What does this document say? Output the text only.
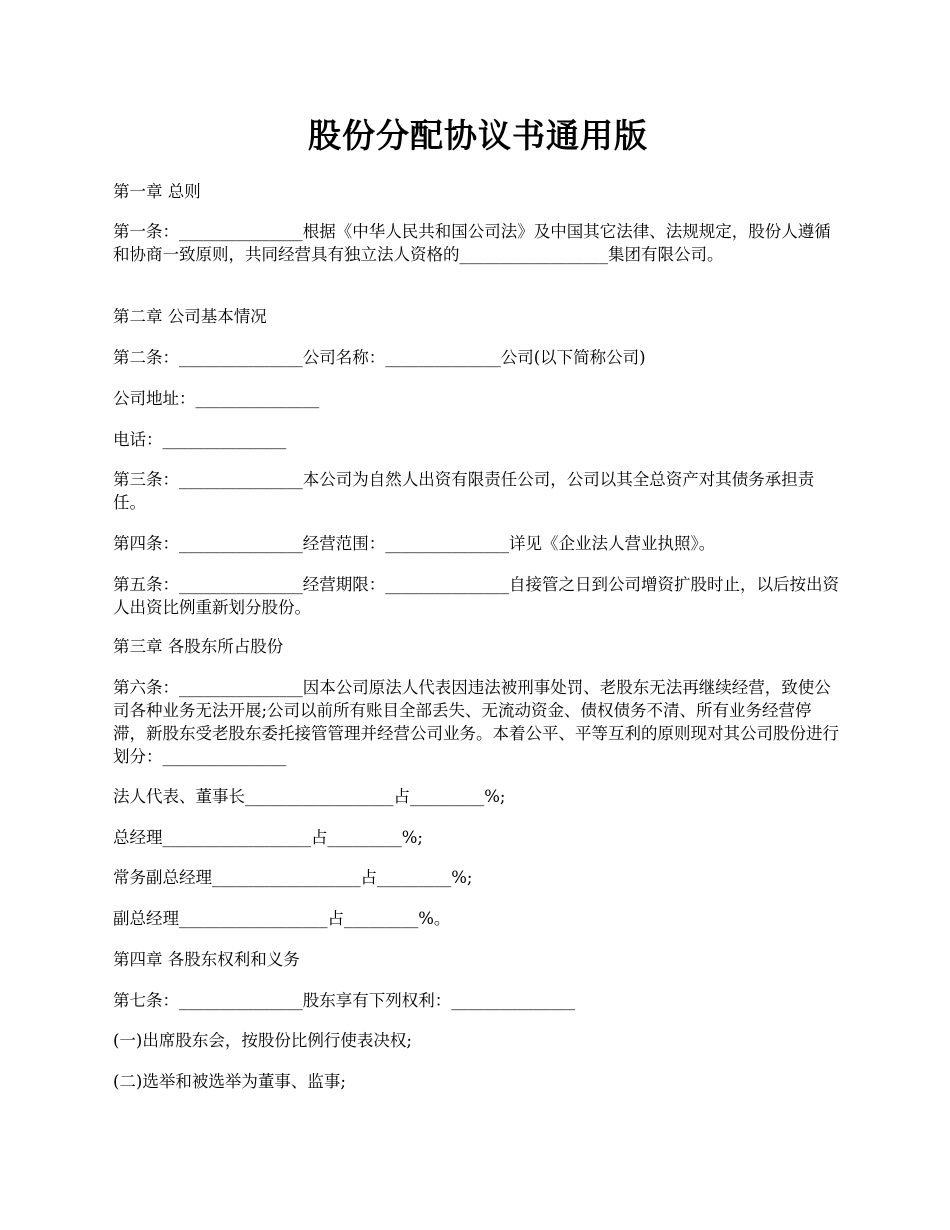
股份分配协议书通用版
第一章 总则
第一条：_______________根据《中华人民共和国公司法》及中国其它法律、法规规定，股份人遵循和协商一致原则，共同经营具有独立法人资格的__________________集团有限公司。
第二章 公司基本情况
第二条：_______________公司名称：______________公司(以下简称公司)
公司地址：_______________
电话：_______________
第三条：_______________本公司为自然人出资有限责任公司，公司以其全总资产对其债务承担责任。
第四条：_______________经营范围：_______________详见《企业法人营业执照》。
第五条：_______________经营期限：_______________自接管之日到公司增资扩股时止，以后按出资人出资比例重新划分股份。
第三章 各股东所占股份
第六条：_______________因本公司原法人代表因违法被刑事处罚、老股东无法再继续经营，致使公司各种业务无法开展;公司以前所有账目全部丢失、无流动资金、债权债务不清、所有业务经营停滞，新股东受老股东委托接管管理并经营公司业务。本着公平、平等互利的原则现对其公司股份进行划分：_______________
法人代表、董事长__________________占_________%;
总经理__________________占_________%;
常务副总经理__________________占_________%;
副总经理__________________占_________%。
第四章 各股东权利和义务
第七条：_______________股东享有下列权利：_______________
(一)出席股东会，按股份比例行使表决权;
(二)选举和被选举为董事、监事;
